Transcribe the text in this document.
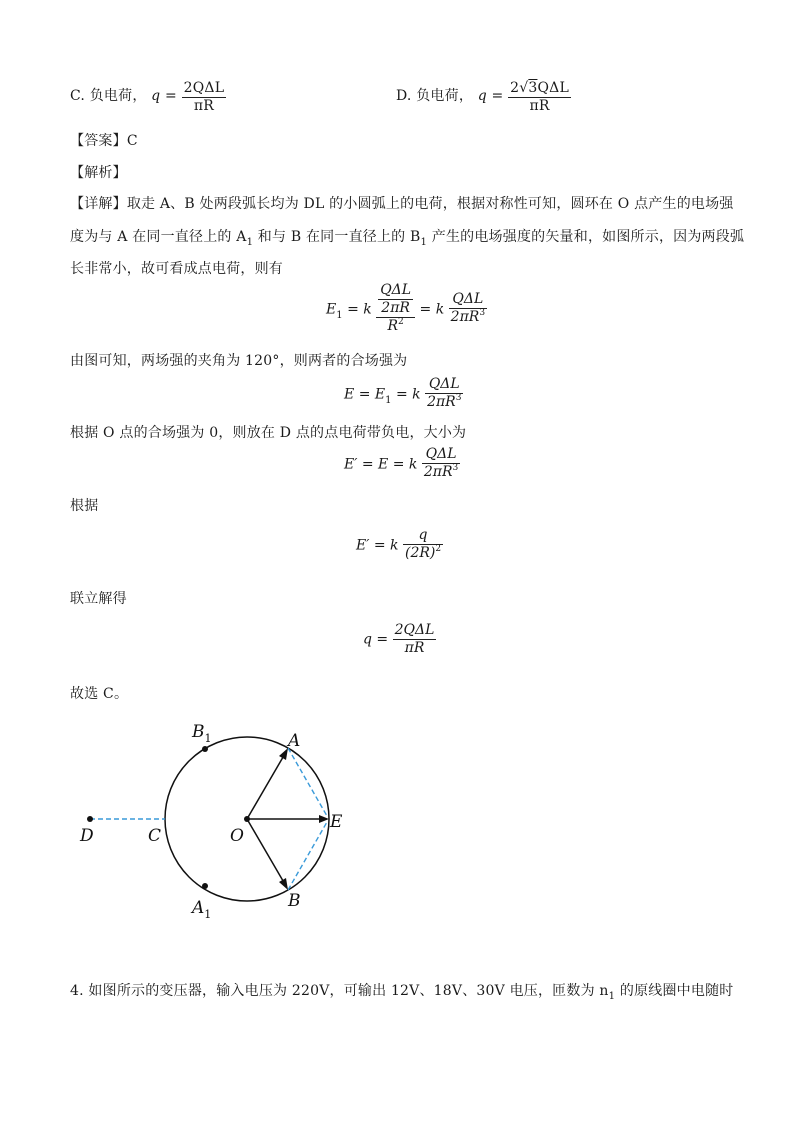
C. 负电荷， $q = \frac{\text{2QΔL}}{\pi R}$	D. 负电荷， $q = \frac{\text{2√3QΔL}}{\pi R}$
【答案】C
【解析】
【详解】取走 A、B 处两段弧长均为 DL 的小圆弧上的电荷，根据对称性可知，圆环在 O 点产生的电场强
度为与 A 在同一直径上的 $A_1$ 和与 B 在同一直径上的 $B_1$ 产生的电场强度的矢量和，如图所示，因为两段弧
长非常小，故可看成点电荷，则有
$E_1 = k \frac{\frac{\text{QΔL}}{2\pi R}}{R^2} = k \frac{\text{QΔL}}{2\pi R^3}$
由图可知，两场强的夹角为 120°，则两者的合场强为
$E = E_1 = k \frac{\text{QΔL}}{2\pi R^3}$
根据 O 点的合场强为 0，则放在 D 点的点电荷带负电，大小为
E′ = E = k $\frac{\text{QΔL}}{2\pi R^3}$
根据
E′ = k $\frac{q}{(2R)^2}$
联立解得
$q = \frac{\text{2QΔL}}{\pi R}$
故选 C。
$B_1$	A
E
D	C	O
B
$A_1$
4. 如图所示的变压器，输入电压为 220V，可输出 12V、18V、30V 电压，匝数为 $n_1$ 的原线圈中电随时
